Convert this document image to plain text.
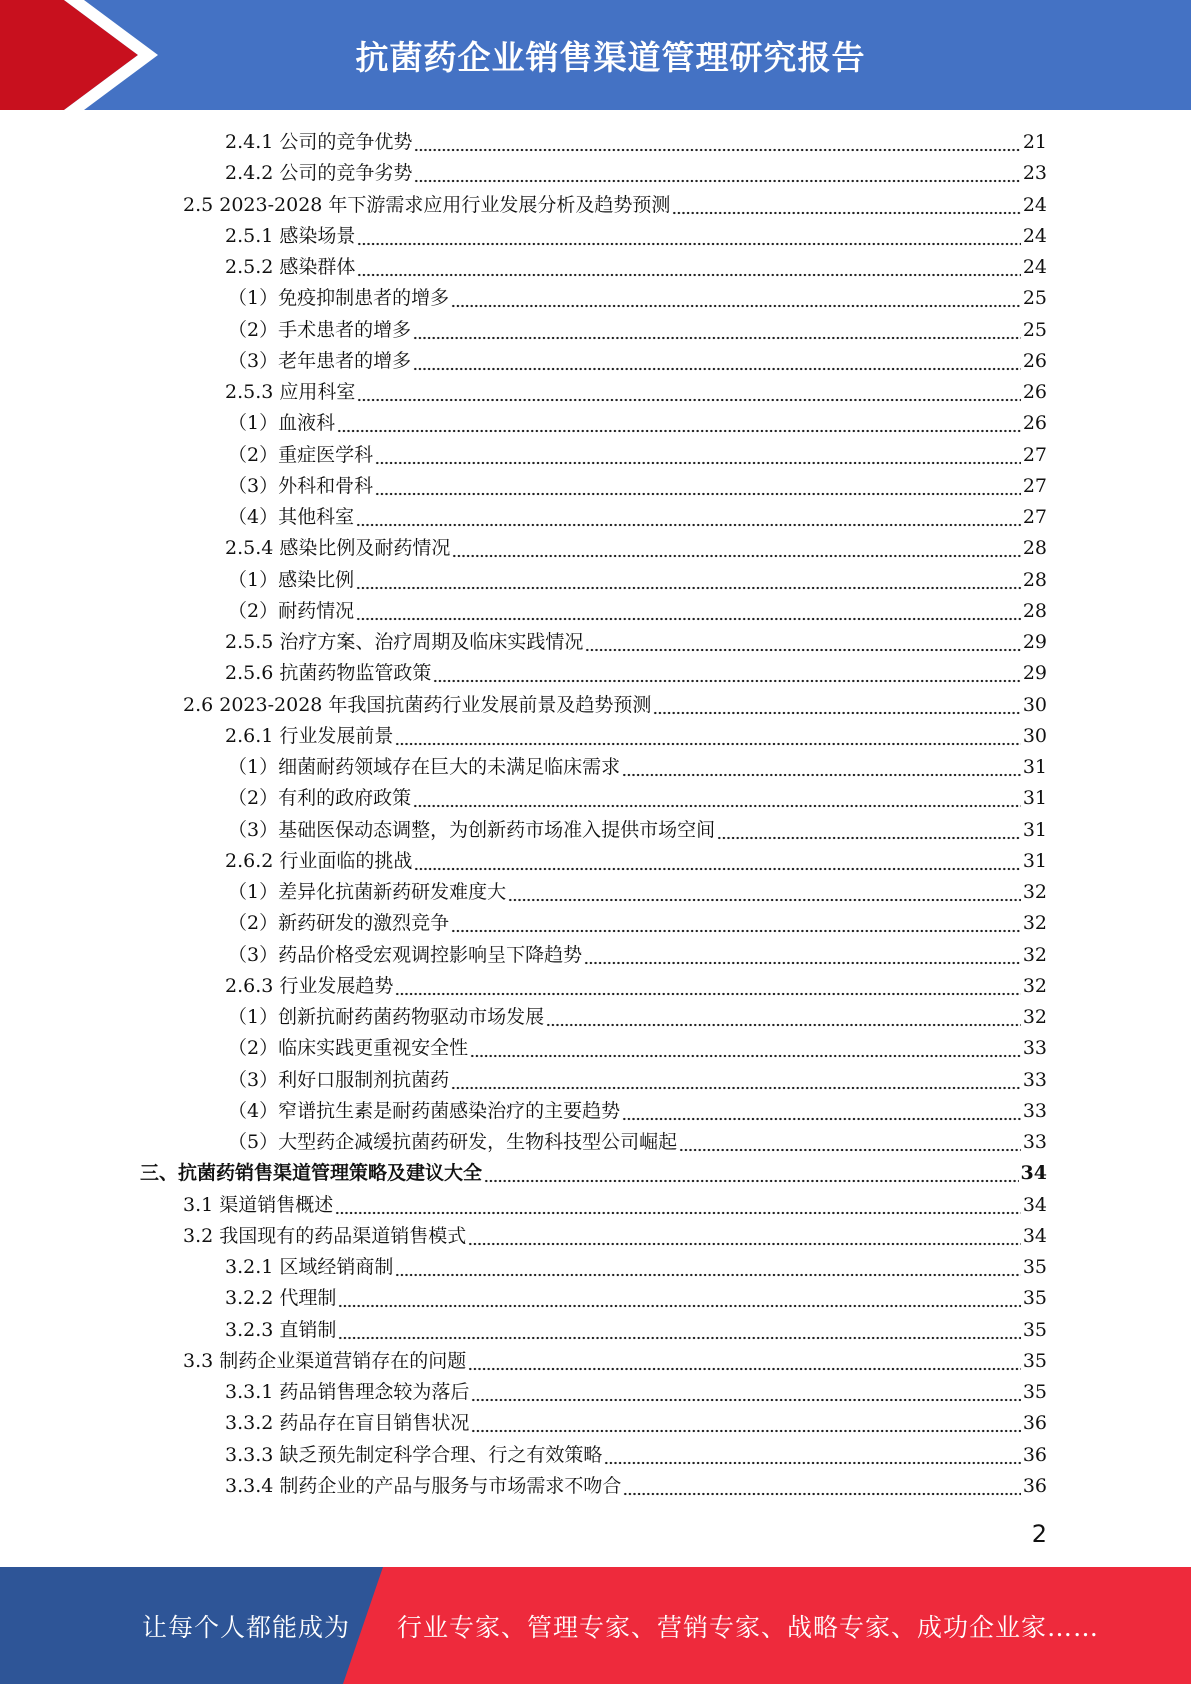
抗菌药企业销售渠道管理研究报告
2.4.1 公司的竞争优势	21
2.4.2 公司的竞争劣势	23
2.5 2023-2028 年下游需求应用行业发展分析及趋势预测	24
2.5.1 感染场景	24
2.5.2 感染群体	24
（1）免疫抑制患者的增多	25
（2）手术患者的增多	25
（3）老年患者的增多	26
2.5.3 应用科室	26
（1）血液科	26
（2）重症医学科	27
（3）外科和骨科	27
（4）其他科室	27
2.5.4 感染比例及耐药情况	28
（1）感染比例	28
（2）耐药情况	28
2.5.5 治疗方案、治疗周期及临床实践情况	29
2.5.6 抗菌药物监管政策	29
2.6 2023-2028 年我国抗菌药行业发展前景及趋势预测	30
2.6.1 行业发展前景	30
（1）细菌耐药领域存在巨大的未满足临床需求	31
（2）有利的政府政策	31
（3）基础医保动态调整，为创新药市场准入提供市场空间	31
2.6.2 行业面临的挑战	31
（1）差异化抗菌新药研发难度大	32
（2）新药研发的激烈竞争	32
（3）药品价格受宏观调控影响呈下降趋势	32
2.6.3 行业发展趋势	32
（1）创新抗耐药菌药物驱动市场发展	32
（2）临床实践更重视安全性	33
（3）利好口服制剂抗菌药	33
（4）窄谱抗生素是耐药菌感染治疗的主要趋势	33
（5）大型药企减缓抗菌药研发，生物科技型公司崛起	33
三、抗菌药销售渠道管理策略及建议大全	34
3.1 渠道销售概述	34
3.2 我国现有的药品渠道销售模式	34
3.2.1 区域经销商制	35
3.2.2 代理制	35
3.2.3 直销制	35
3.3 制药企业渠道营销存在的问题	35
3.3.1 药品销售理念较为落后	35
3.3.2 药品存在盲目销售状况	36
3.3.3 缺乏预先制定科学合理、行之有效策略	36
3.3.4 制药企业的产品与服务与市场需求不吻合	36
2
让每个人都能成为 行业专家、管理专家、营销专家、战略专家、成功企业家……
